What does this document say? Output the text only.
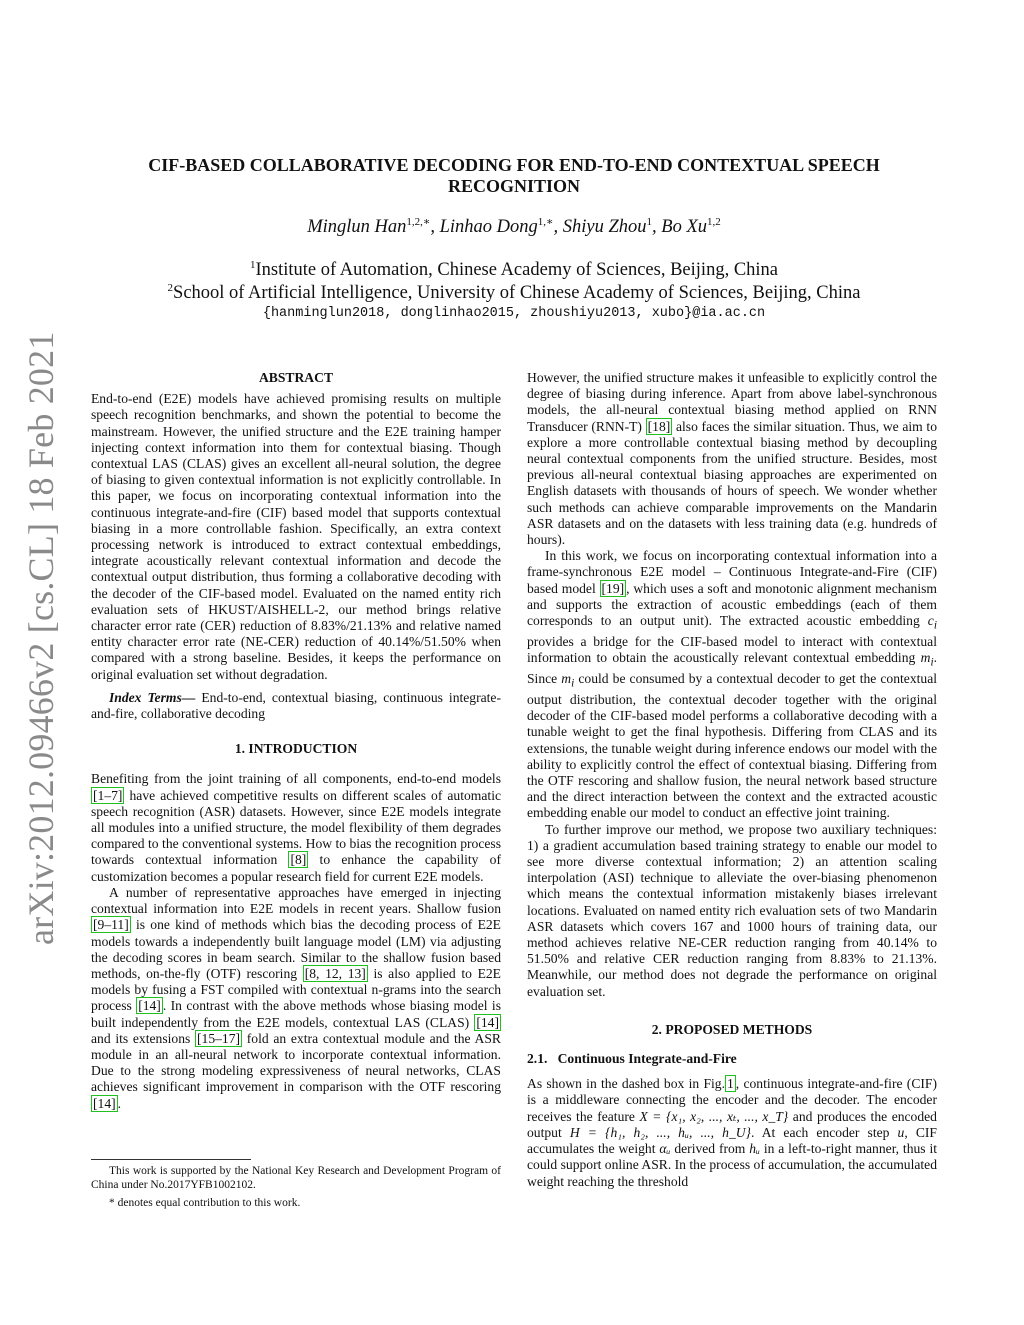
arXiv:2012.09466v2 [cs.CL] 18 Feb 2021
CIF-BASED COLLABORATIVE DECODING FOR END-TO-END CONTEXTUAL SPEECH
RECOGNITION
Minglun Han$^{1,2,∗}$, Linhao Dong$^{1,∗}$, Shiyu Zhou$^1$, Bo Xu$^{1,2}$
$^1$Institute of Automation, Chinese Academy of Sciences, Beijing, China
$^2$School of Artificial Intelligence, University of Chinese Academy of Sciences, Beijing, China
{hanminglun2018, donglinhao2015, zhoushiyu2013, xubo}@ia.ac.cn

ABSTRACT

End-to-end (E2E) models have achieved promising results on multiple speech recognition benchmarks, and shown the potential to become the mainstream. However, the unified structure and the E2E training hamper injecting context information into them for contextual biasing. Though contextual LAS (CLAS) gives an excellent all-neural solution, the degree of biasing to given contextual information is not explicitly controllable. In this paper, we focus on incorporating contextual information into the continuous integrate-and-fire (CIF) based model that supports contextual biasing in a more controllable fashion. Specifically, an extra context processing network is introduced to extract contextual embeddings, integrate acoustically relevant contextual information and decode the contextual output distribution, thus forming a collaborative decoding with the decoder of the CIF-based model. Evaluated on the named entity rich evaluation sets of HKUST/AISHELL-2, our method brings relative character error rate (CER) reduction of 8.83%/21.13% and relative named entity character error rate (NE-CER) reduction of 40.14%/51.50% when compared with a strong baseline. Besides, it keeps the performance on original evaluation set without degradation.

Index Terms— End-to-end, contextual biasing, continuous integrate-and-fire, collaborative decoding

1. INTRODUCTION

Benefiting from the joint training of all components, end-to-end models [1–7] have achieved competitive results on different scales of automatic speech recognition (ASR) datasets. However, since E2E models integrate all modules into a unified structure, the model flexibility of them degrades compared to the conventional systems. How to bias the recognition process towards contextual information [8] to enhance the capability of customization becomes a popular research field for current E2E models.

A number of representative approaches have emerged in injecting contextual information into E2E models in recent years. Shallow fusion [9–11] is one kind of methods which bias the decoding process of E2E models towards a independently built language model (LM) via adjusting the decoding scores in beam search. Similar to the shallow fusion based methods, on-the-fly (OTF) rescoring [8, 12, 13] is also applied to E2E models by fusing a FST compiled with contextual n-grams into the search process [14] . In contrast with the above methods whose biasing model is built independently from the E2E models, contextual LAS (CLAS) [14] and its extensions [15–17] fold an extra contextual module and the ASR module in an all-neural network to incorporate contextual information. Due to the strong modeling expressiveness of neural networks, CLAS achieves significant improvement in comparison with the OTF rescoring [14] .

This work is supported by the National Key Research and Development Program of China under No.2017YFB1002102.
* denotes equal contribution to this work.

However, the unified structure makes it unfeasible to explicitly control the degree of biasing during inference. Apart from above label-synchronous models, the all-neural contextual biasing method applied on RNN Transducer (RNN-T) [18] also faces the similar situation. Thus, we aim to explore a more controllable contextual biasing method by decoupling neural contextual components from the unified structure. Besides, most previous all-neural contextual biasing approaches are experimented on English datasets with thousands of hours of speech. We wonder whether such methods can achieve comparable improvements on the Mandarin ASR datasets and on the datasets with less training data (e.g. hundreds of hours).

In this work, we focus on incorporating contextual information into a frame-synchronous E2E model – Continuous Integrate-and-Fire (CIF) based model [19] , which uses a soft and monotonic alignment mechanism and supports the extraction of acoustic embeddings (each of them corresponds to an output unit). The extracted acoustic embedding $c_i$ provides a bridge for the CIF-based model to interact with contextual information to obtain the acoustically relevant contextual embedding $m_i$. Since $m_i$ could be consumed by a contextual decoder to get the contextual output distribution, the contextual decoder together with the original decoder of the CIF-based model performs a collaborative decoding with a tunable weight to get the final hypothesis. Differing from CLAS and its extensions, the tunable weight during inference endows our model with the ability to explicitly control the effect of contextual biasing. Differing from the OTF rescoring and shallow fusion, the neural network based structure and the direct interaction between the context and the extracted acoustic embedding enable our model to conduct an effective joint training.

To further improve our method, we propose two auxiliary techniques: 1) a gradient accumulation based training strategy to enable our model to see more diverse contextual information; 2) an attention scaling interpolation (ASI) technique to alleviate the over-biasing phenomenon which means the contextual information mistakenly biases irrelevant locations. Evaluated on named entity rich evaluation sets of two Mandarin ASR datasets which covers 167 and 1000 hours of training data, our method achieves relative NE-CER reduction ranging from 40.14% to 51.50% and relative CER reduction ranging from 8.83% to 21.13%. Meanwhile, our method does not degrade the performance on original evaluation set.

2. PROPOSED METHODS

2.1.   Continuous Integrate-and-Fire

As shown in the dashed box in Fig. 1 , continuous integrate-and-fire (CIF) is a middleware connecting the encoder and the decoder. The encoder receives the feature X = {x₁, x₂, ..., xₜ, ..., x_T} and produces the encoded output H = {h₁, h₂, ..., hᵤ, ..., h_U}. At each encoder step u, CIF accumulates the weight αᵤ derived from hᵤ in a left-to-right manner, thus it could support online ASR. In the process of accumulation, the accumulated weight reaching the threshold
